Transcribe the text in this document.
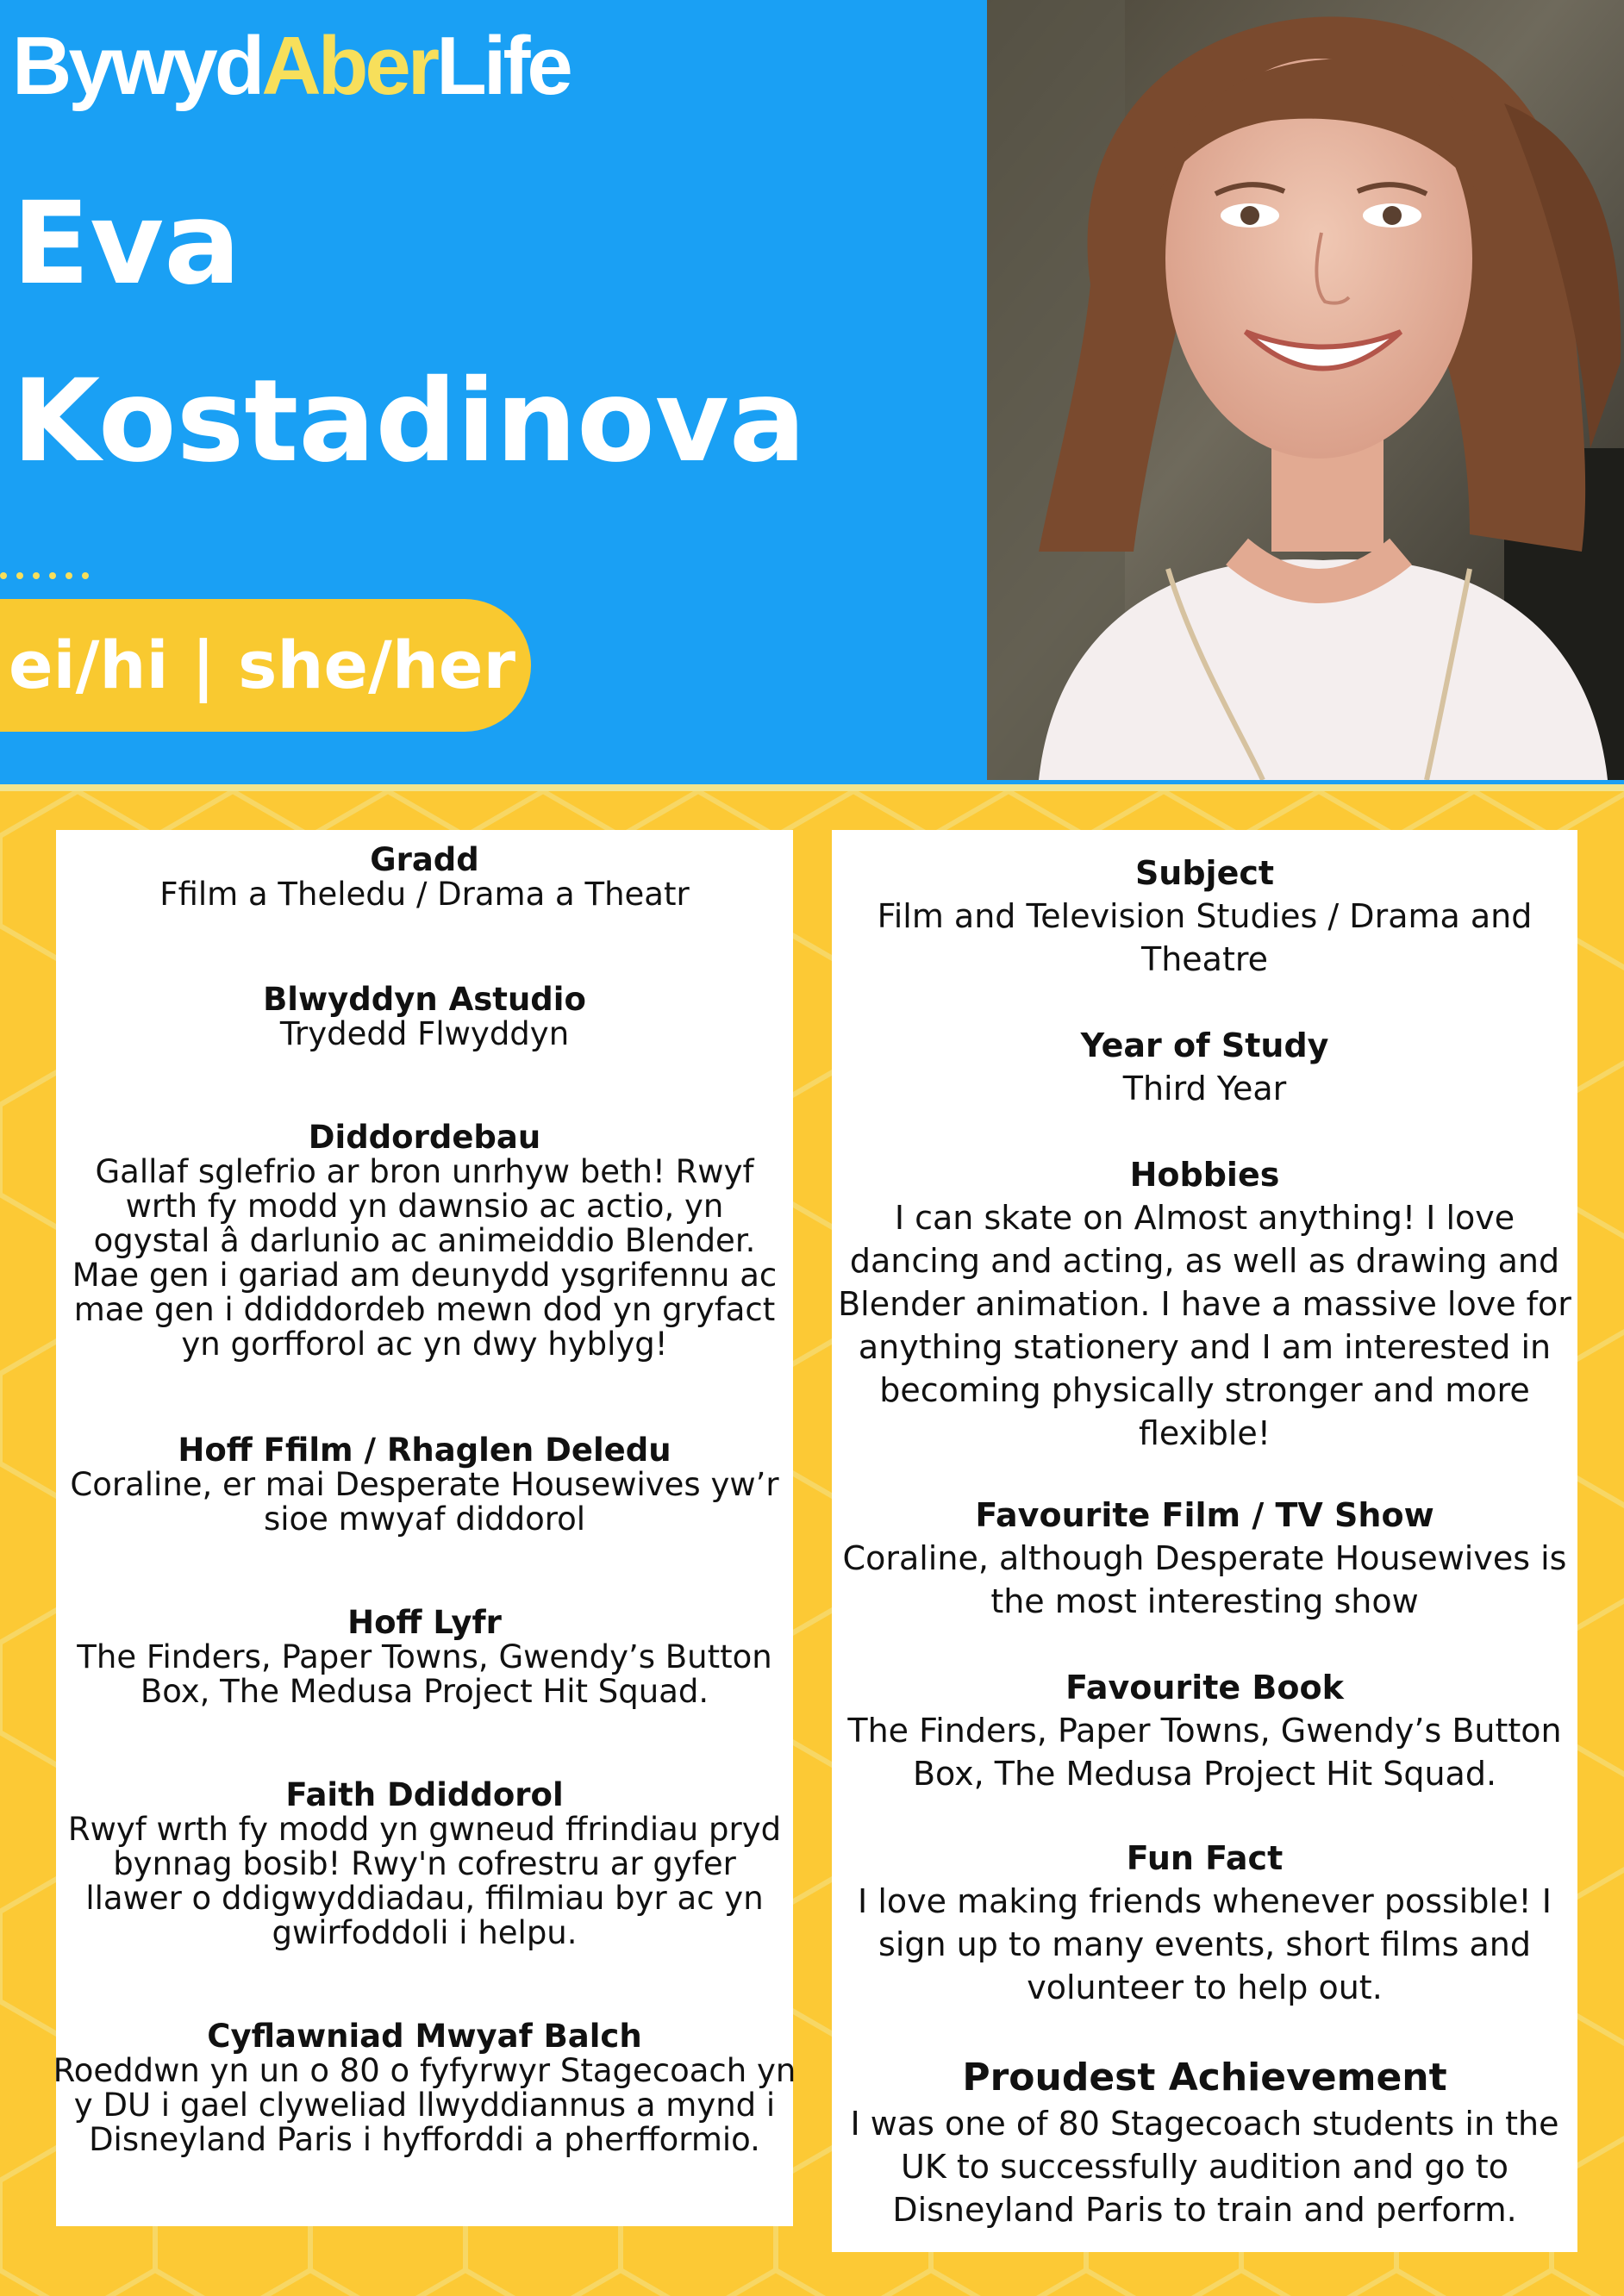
BywydAberLife
Eva
Kostadinova
ei/hi | she/her
Gradd
Ffilm a Theledu / Drama a Theatr
Blwyddyn Astudio
Trydedd Flwyddyn
Diddordebau
Gallaf sglefrio ar bron unrhyw beth! Rwyf wrth fy modd yn dawnsio ac actio, yn ogystal â darlunio ac animeiddio Blender. Mae gen i gariad am deunydd ysgrifennu ac mae gen i ddiddordeb mewn dod yn gryfact yn gorfforol ac yn dwy hyblyg!
Hoff Ffilm / Rhaglen Deledu
Coraline, er mai Desperate Housewives yw’r sioe mwyaf diddorol
Hoff Lyfr
The Finders, Paper Towns, Gwendy’s Button Box, The Medusa Project Hit Squad.
Faith Ddiddorol
Rwyf wrth fy modd yn gwneud ffrindiau pryd bynnag bosib! Rwy'n cofrestru ar gyfer llawer o ddigwyddiadau, ffilmiau byr ac yn gwirfoddoli i helpu.
Cyflawniad Mwyaf Balch
Roeddwn yn un o 80 o fyfyrwyr Stagecoach yn y DU i gael clyweliad llwyddiannus a mynd i Disneyland Paris i hyfforddi a pherfformio.
Subject
Film and Television Studies / Drama and Theatre
Year of Study
Third Year
Hobbies
I can skate on Almost anything! I love dancing and acting, as well as drawing and Blender animation. I have a massive love for anything stationery and I am interested in becoming physically stronger and more flexible!
Favourite Film / TV Show
Coraline, although Desperate Housewives is the most interesting show
Favourite Book
The Finders, Paper Towns, Gwendy’s Button Box, The Medusa Project Hit Squad.
Fun Fact
I love making friends whenever possible! I sign up to many events, short films and volunteer to help out.
Proudest Achievement
I was one of 80 Stagecoach students in the UK to successfully audition and go to Disneyland Paris to train and perform.
